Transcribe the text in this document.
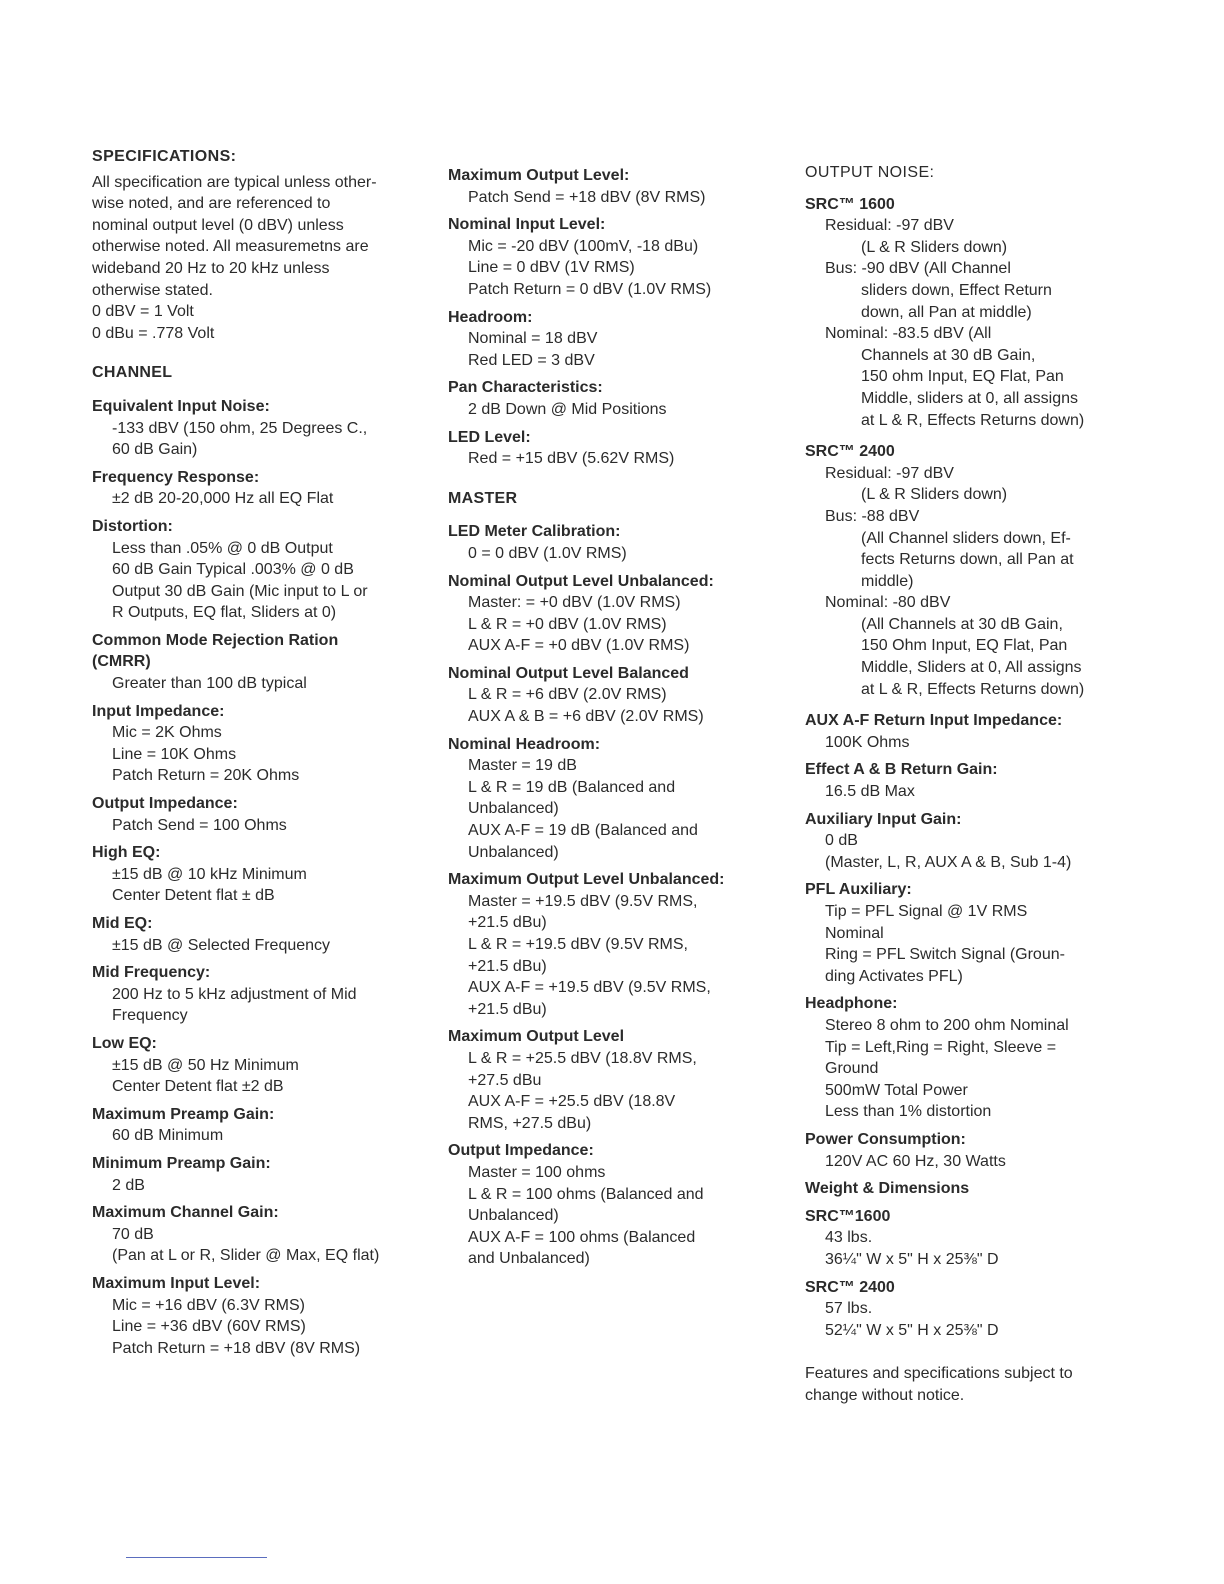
SPECIFICATIONS:
All specification are typical unless other-
wise noted, and are referenced to
nominal output level (0 dBV) unless
otherwise noted. All measuremetns are
wideband 20 Hz to 20 kHz unless
otherwise stated.
0 dBV = 1 Volt
0 dBu = .778 Volt
CHANNEL
Equivalent Input Noise:
-133 dBV (150 ohm, 25 Degrees C.,
60 dB Gain)
Frequency Response:
±2 dB 20-20,000 Hz all EQ Flat
Distortion:
Less than .05% @ 0 dB Output
60 dB Gain Typical .003% @ 0 dB
Output 30 dB Gain (Mic input to L or
R Outputs, EQ flat, Sliders at 0)
Common Mode Rejection Ration
(CMRR)
Greater than 100 dB typical
Input Impedance:
Mic = 2K Ohms
Line = 10K Ohms
Patch Return = 20K Ohms
Output Impedance:
Patch Send = 100 Ohms
High EQ:
±15 dB @ 10 kHz Minimum
Center Detent flat ± dB
Mid EQ:
±15 dB @ Selected Frequency
Mid Frequency:
200 Hz to 5 kHz adjustment of Mid
Frequency
Low EQ:
±15 dB @ 50 Hz Minimum
Center Detent flat ±2 dB
Maximum Preamp Gain:
60 dB Minimum
Minimum Preamp Gain:
2 dB
Maximum Channel Gain:
70 dB
(Pan at L or R, Slider @ Max, EQ flat)
Maximum Input Level:
Mic = +16 dBV (6.3V RMS)
Line = +36 dBV (60V RMS)
Patch Return = +18 dBV (8V RMS)
Maximum Output Level:
Patch Send = +18 dBV (8V RMS)
Nominal Input Level:
Mic = -20 dBV (100mV, -18 dBu)
Line = 0 dBV (1V RMS)
Patch Return = 0 dBV (1.0V RMS)
Headroom:
Nominal = 18 dBV
Red LED = 3 dBV
Pan Characteristics:
2 dB Down @ Mid Positions
LED Level:
Red = +15 dBV (5.62V RMS)
MASTER
LED Meter Calibration:
0 = 0 dBV (1.0V RMS)
Nominal Output Level Unbalanced:
Master: = +0 dBV (1.0V RMS)
L & R = +0 dBV (1.0V RMS)
AUX A-F = +0 dBV (1.0V RMS)
Nominal Output Level Balanced
L & R = +6 dBV (2.0V RMS)
AUX A & B = +6 dBV (2.0V RMS)
Nominal Headroom:
Master = 19 dB
L & R = 19 dB (Balanced and
Unbalanced)
AUX A-F = 19 dB (Balanced and
Unbalanced)
Maximum Output Level Unbalanced:
Master = +19.5 dBV (9.5V RMS,
+21.5 dBu)
L & R = +19.5 dBV (9.5V RMS,
+21.5 dBu)
AUX A-F = +19.5 dBV (9.5V RMS,
+21.5 dBu)
Maximum Output Level
L & R = +25.5 dBV (18.8V RMS,
+27.5 dBu
AUX A-F = +25.5 dBV (18.8V
RMS, +27.5 dBu)
Output Impedance:
Master = 100 ohms
L & R = 100 ohms (Balanced and
Unbalanced)
AUX A-F = 100 ohms (Balanced
and Unbalanced)
OUTPUT NOISE:
SRC™ 1600
Residual: -97 dBV
(L & R Sliders down)
Bus: -90 dBV (All Channel
sliders down, Effect Return
down, all Pan at middle)
Nominal: -83.5 dBV (All
Channels at 30 dB Gain,
150 ohm Input, EQ Flat, Pan
Middle, sliders at 0, all assigns
at L & R, Effects Returns down)
SRC™ 2400
Residual: -97 dBV
(L & R Sliders down)
Bus: -88 dBV
(All Channel sliders down, Ef-
fects Returns down, all Pan at
middle)
Nominal: -80 dBV
(All Channels at 30 dB Gain,
150 Ohm Input, EQ Flat, Pan
Middle, Sliders at 0, All assigns
at L & R, Effects Returns down)
AUX A-F Return Input Impedance:
100K Ohms
Effect A & B Return Gain:
16.5 dB Max
Auxiliary Input Gain:
0 dB
(Master, L, R, AUX A & B, Sub 1-4)
PFL Auxiliary:
Tip = PFL Signal @ 1V RMS
Nominal
Ring = PFL Switch Signal (Groun-
ding Activates PFL)
Headphone:
Stereo 8 ohm to 200 ohm Nominal
Tip = Left,Ring = Right, Sleeve =
Ground
500mW Total Power
Less than 1% distortion
Power Consumption:
120V AC 60 Hz, 30 Watts
Weight & Dimensions
SRC™1600
43 lbs.
36¼" W x 5" H x 25⅜" D
SRC™ 2400
57 lbs.
52¼" W x 5" H x 25⅜" D
Features and specifications subject to
change without notice.
